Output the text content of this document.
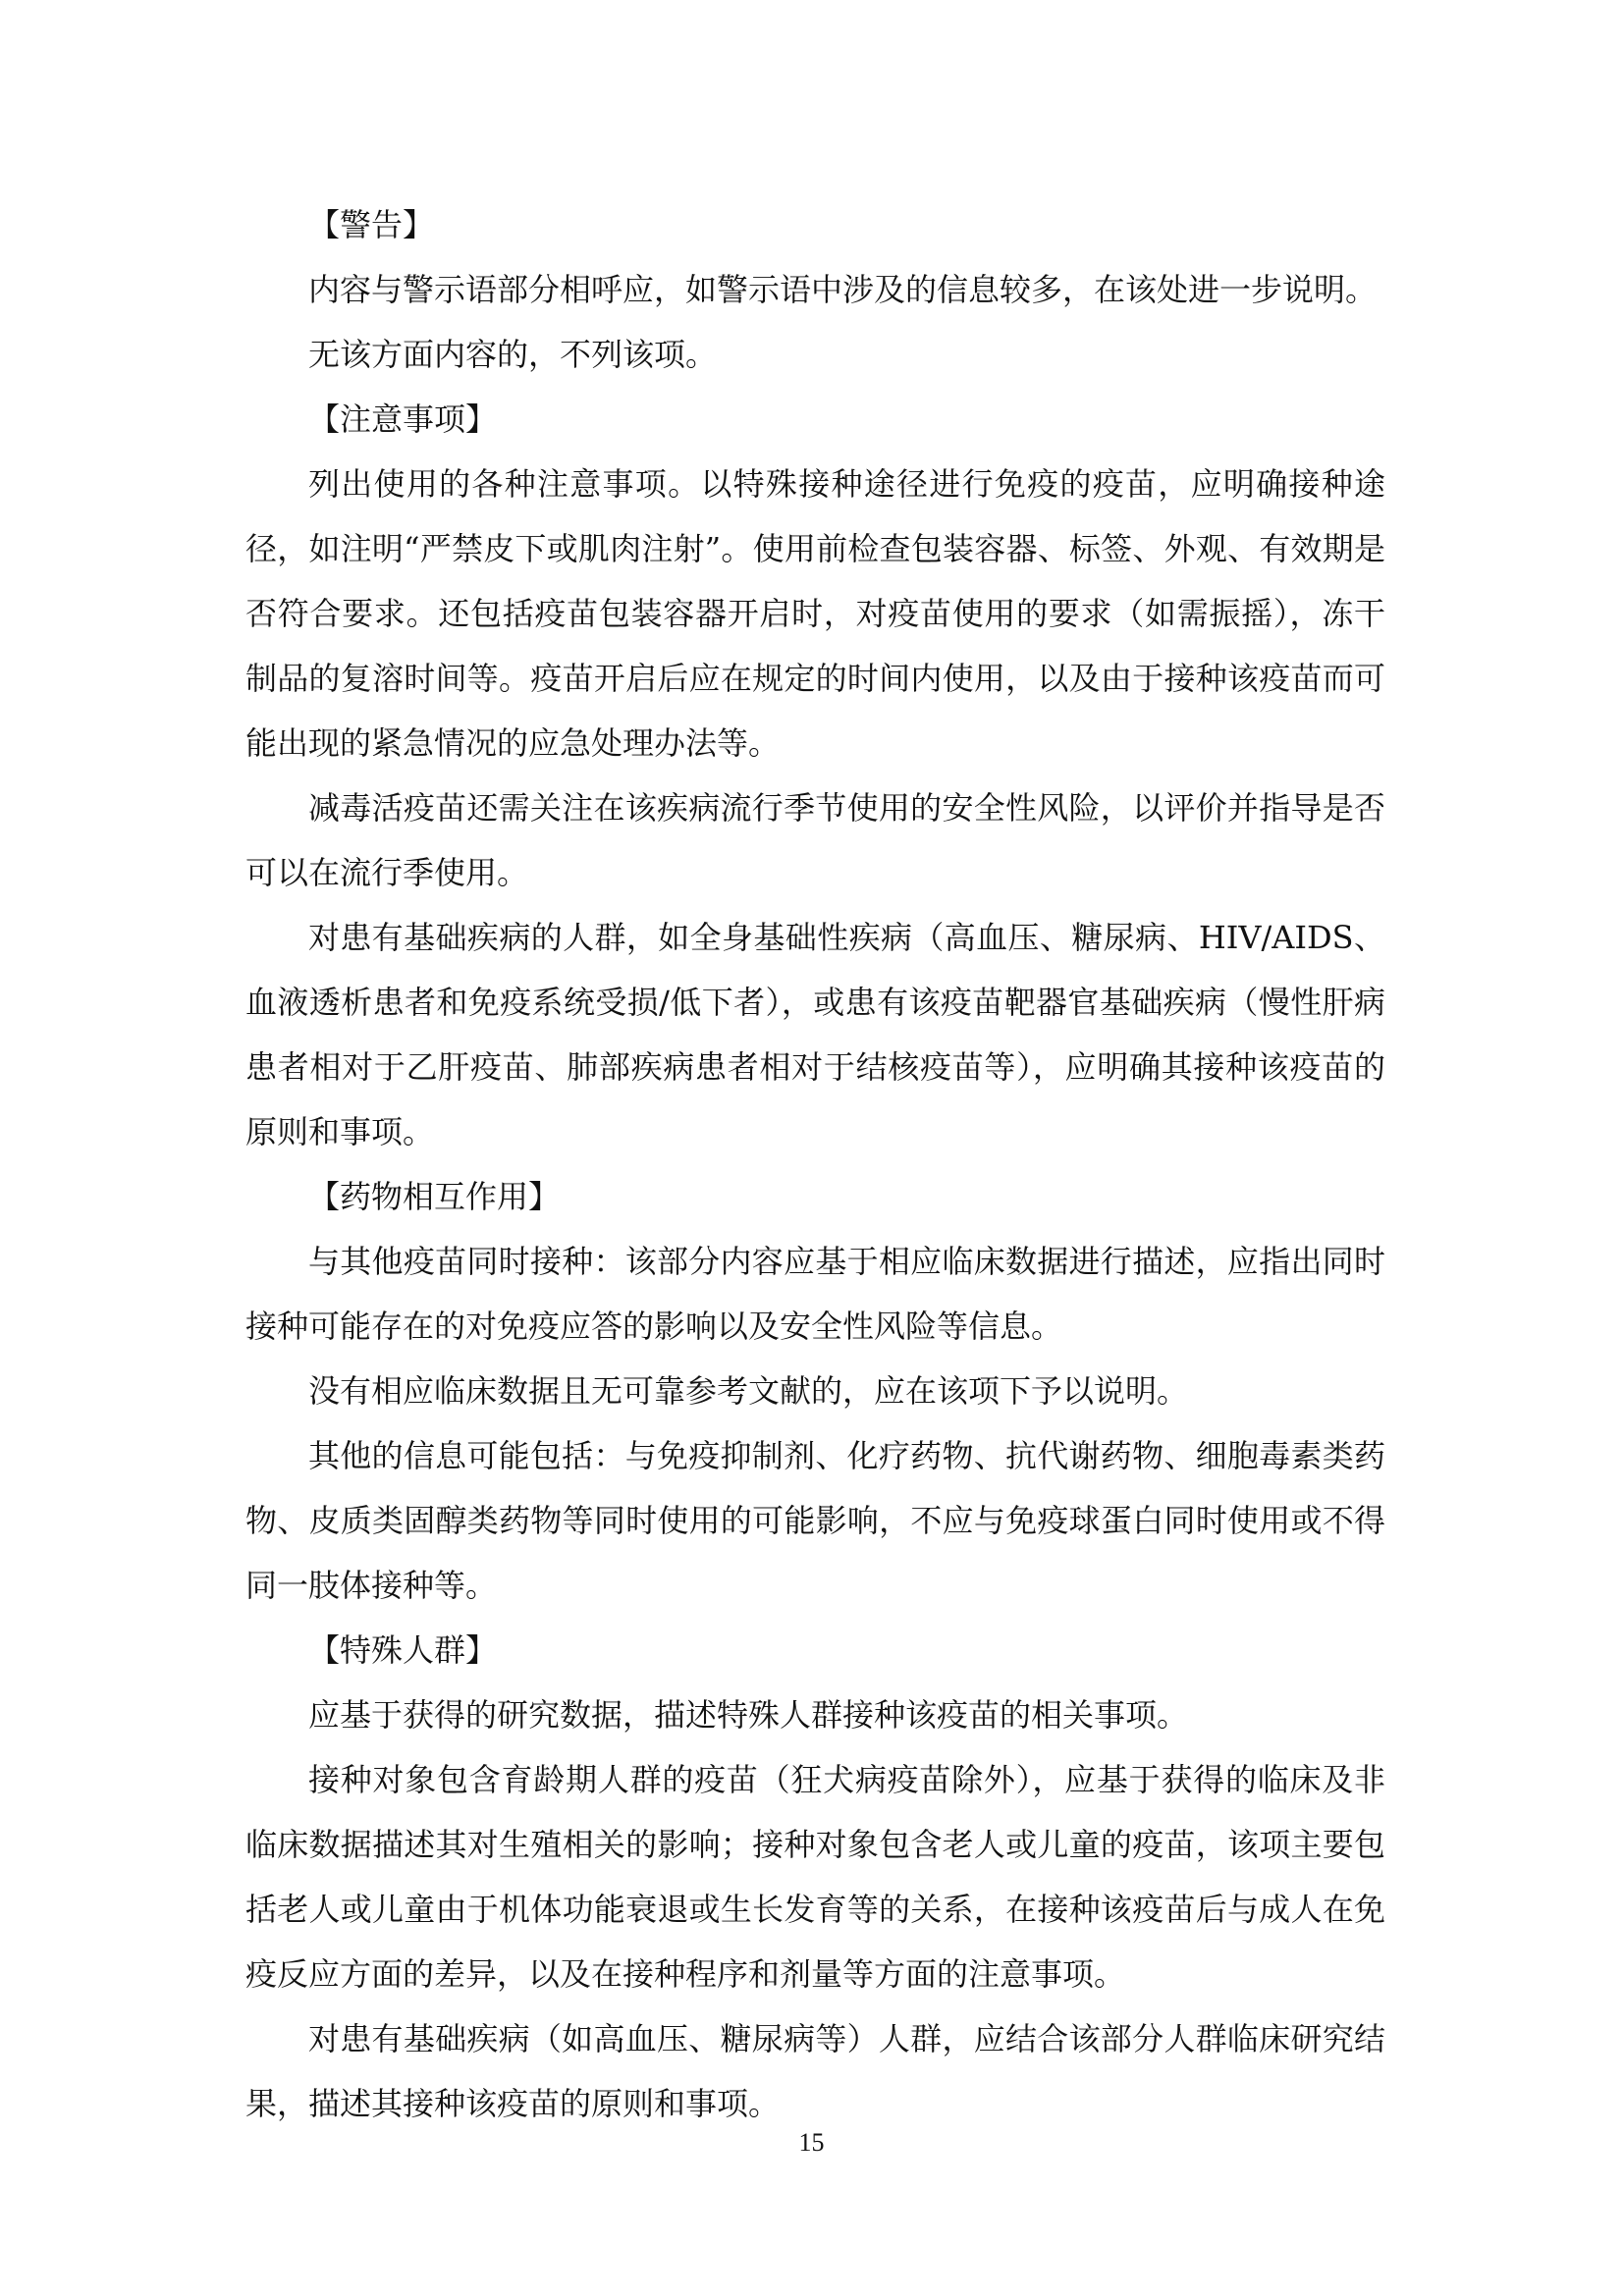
【警告】

内容与警示语部分相呼应，如警示语中涉及的信息较多，在该处进一步说明。

无该方面内容的，不列该项。

【注意事项】

列出使用的各种注意事项。以特殊接种途径进行免疫的疫苗，应明确接种途径，如注明“严禁皮下或肌肉注射”。使用前检查包装容器、标签、外观、有效期是否符合要求。还包括疫苗包装容器开启时，对疫苗使用的要求（如需振摇），冻干制品的复溶时间等。疫苗开启后应在规定的时间内使用，以及由于接种该疫苗而可能出现的紧急情况的应急处理办法等。

减毒活疫苗还需关注在该疾病流行季节使用的安全性风险，以评价并指导是否可以在流行季使用。

对患有基础疾病的人群，如全身基础性疾病（高血压、糖尿病、HIV/AIDS、血液透析患者和免疫系统受损/低下者），或患有该疫苗靶器官基础疾病（慢性肝病患者相对于乙肝疫苗、肺部疾病患者相对于结核疫苗等），应明确其接种该疫苗的原则和事项。

【药物相互作用】

与其他疫苗同时接种：该部分内容应基于相应临床数据进行描述，应指出同时接种可能存在的对免疫应答的影响以及安全性风险等信息。

没有相应临床数据且无可靠参考文献的，应在该项下予以说明。

其他的信息可能包括：与免疫抑制剂、化疗药物、抗代谢药物、细胞毒素类药物、皮质类固醇类药物等同时使用的可能影响，不应与免疫球蛋白同时使用或不得同一肢体接种等。

【特殊人群】

应基于获得的研究数据，描述特殊人群接种该疫苗的相关事项。

接种对象包含育龄期人群的疫苗（狂犬病疫苗除外），应基于获得的临床及非临床数据描述其对生殖相关的影响；接种对象包含老人或儿童的疫苗，该项主要包括老人或儿童由于机体功能衰退或生长发育等的关系，在接种该疫苗后与成人在免疫反应方面的差异，以及在接种程序和剂量等方面的注意事项。

对患有基础疾病（如高血压、糖尿病等）人群，应结合该部分人群临床研究结果，描述其接种该疫苗的原则和事项。

15
